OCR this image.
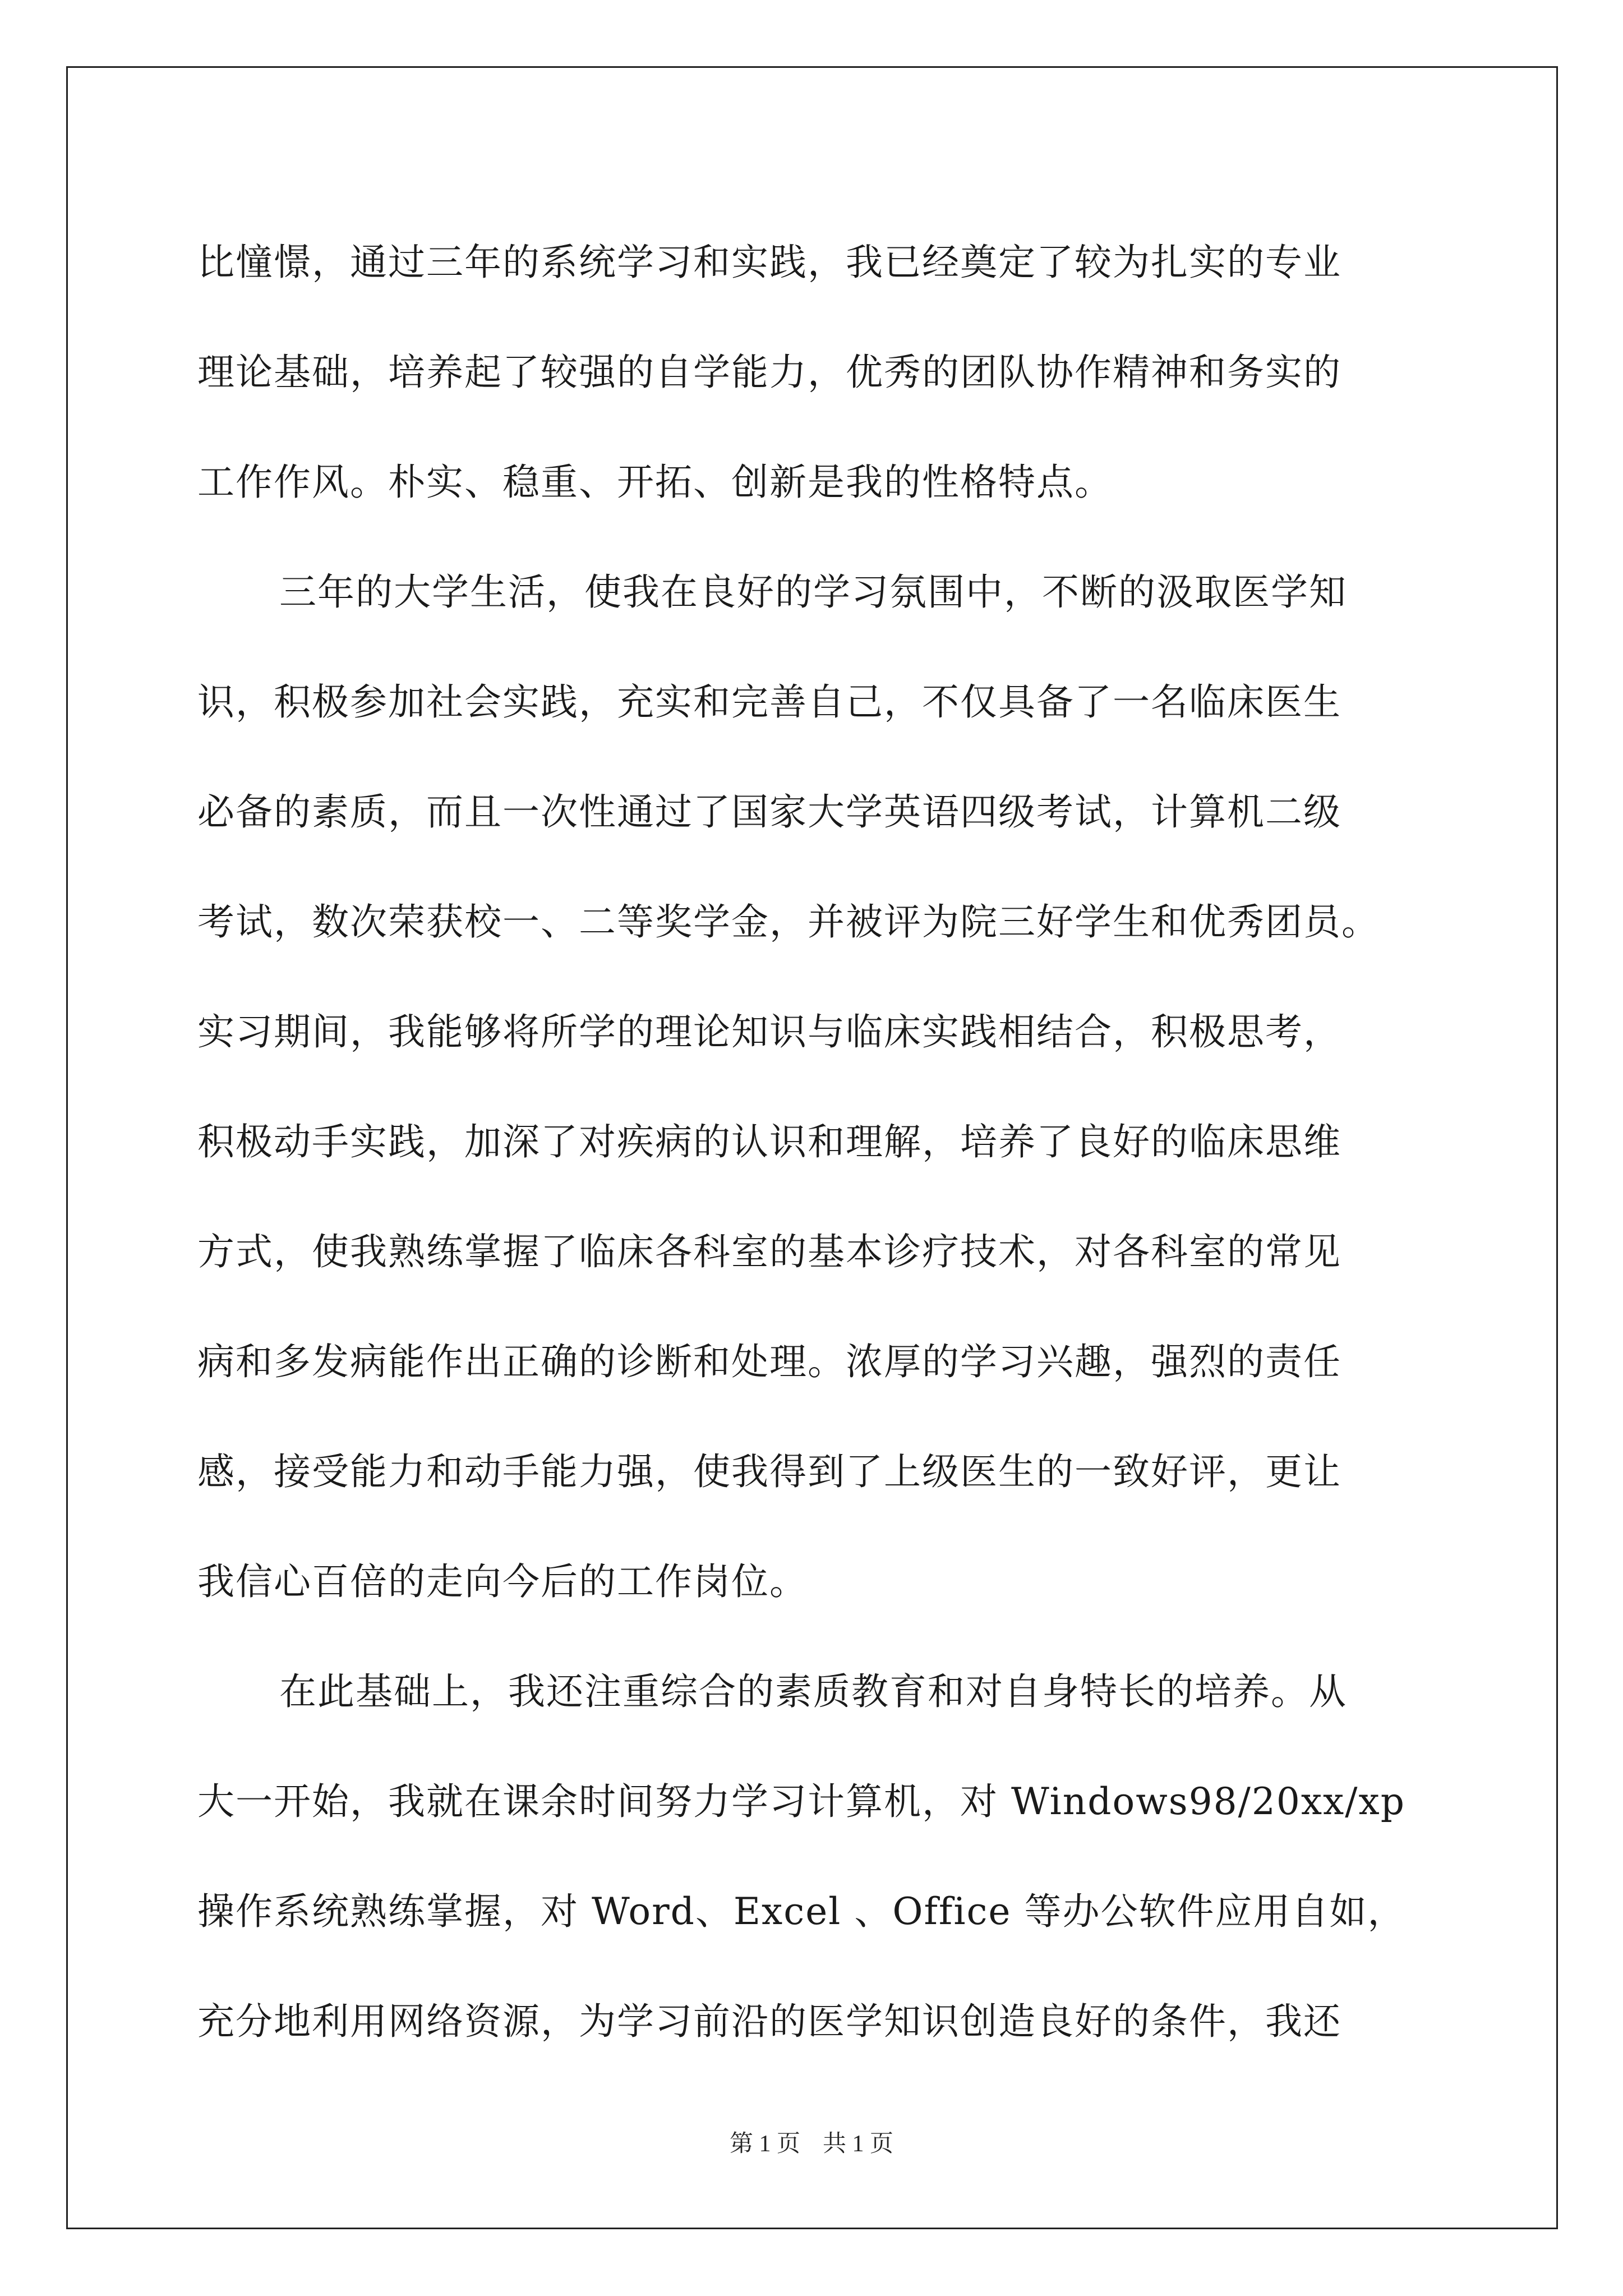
比憧憬，通过三年的系统学习和实践，我已经奠定了较为扎实的专业
理论基础，培养起了较强的自学能力，优秀的团队协作精神和务实的
工作作风。朴实、稳重、开拓、创新是我的性格特点。
三年的大学生活，使我在良好的学习氛围中，不断的汲取医学知
识，积极参加社会实践，充实和完善自己，不仅具备了一名临床医生
必备的素质，而且一次性通过了国家大学英语四级考试，计算机二级
考试，数次荣获校一、二等奖学金，并被评为院三好学生和优秀团员。
实习期间，我能够将所学的理论知识与临床实践相结合，积极思考，
积极动手实践，加深了对疾病的认识和理解，培养了良好的临床思维
方式，使我熟练掌握了临床各科室的基本诊疗技术，对各科室的常见
病和多发病能作出正确的诊断和处理。浓厚的学习兴趣，强烈的责任
感，接受能力和动手能力强，使我得到了上级医生的一致好评，更让
我信心百倍的走向今后的工作岗位。
在此基础上，我还注重综合的素质教育和对自身特长的培养。从
大一开始，我就在课余时间努力学习计算机，对 Windows98/20xx/xp
操作系统熟练掌握，对 Word、Excel 、Office 等办公软件应用自如，
充分地利用网络资源，为学习前沿的医学知识创造良好的条件，我还
第 1 页 共 1 页
